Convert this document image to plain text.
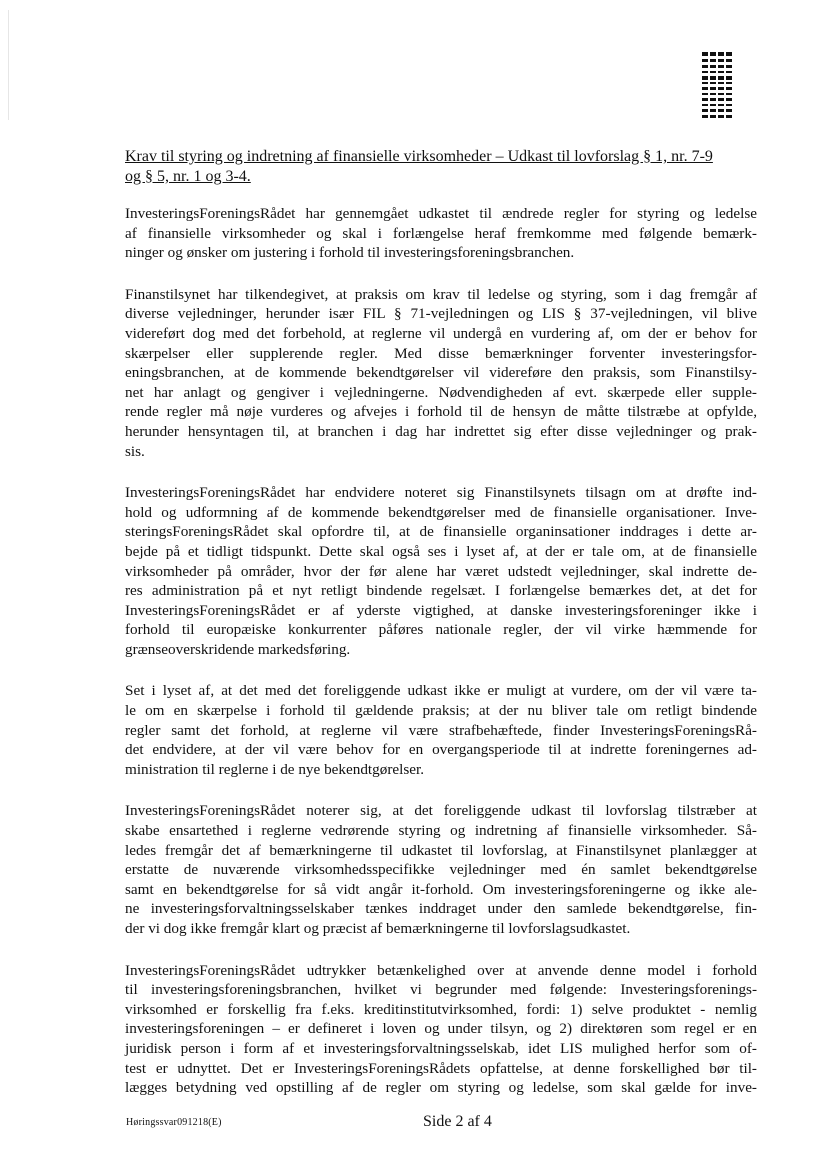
Krav til styring og indretning af finansielle virksomheder – Udkast til lovforslag § 1, nr. 7-9
og § 5, nr. 1 og 3-4.

InvesteringsForeningsRådet har gennemgået udkastet til ændrede regler for styring og ledelse
af finansielle virksomheder og skal i forlængelse heraf fremkomme med følgende bemærk-
ninger og ønsker om justering i forhold til investeringsforeningsbranchen.

Finanstilsynet har tilkendegivet, at praksis om krav til ledelse og styring, som i dag fremgår af
diverse vejledninger, herunder især FIL § 71-vejledningen og LIS § 37-vejledningen, vil blive
videreført dog med det forbehold, at reglerne vil undergå en vurdering af, om der er behov for
skærpelser eller supplerende regler. Med disse bemærkninger forventer investeringsfor-
eningsbranchen, at de kommende bekendtgørelser vil videreføre den praksis, som Finanstilsy-
net har anlagt og gengiver i vejledningerne. Nødvendigheden af evt. skærpede eller supple-
rende regler må nøje vurderes og afvejes i forhold til de hensyn de måtte tilstræbe at opfylde,
herunder hensyntagen til, at branchen i dag har indrettet sig efter disse vejledninger og prak-
sis.

InvesteringsForeningsRådet har endvidere noteret sig Finanstilsynets tilsagn om at drøfte ind-
hold og udformning af de kommende bekendtgørelser med de finansielle organisationer. Inve-
steringsForeningsRådet skal opfordre til, at de finansielle organinsationer inddrages i dette ar-
bejde på et tidligt tidspunkt. Dette skal også ses i lyset af, at der er tale om, at de finansielle
virksomheder på områder, hvor der før alene har været udstedt vejledninger, skal indrette de-
res administration på et nyt retligt bindende regelsæt. I forlængelse bemærkes det, at det for
InvesteringsForeningsRådet er af yderste vigtighed, at danske investeringsforeninger ikke i
forhold til europæiske konkurrenter påføres nationale regler, der vil virke hæmmende for
grænseoverskridende markedsføring.

Set i lyset af, at det med det foreliggende udkast ikke er muligt at vurdere, om der vil være ta-
le om en skærpelse i forhold til gældende praksis; at der nu bliver tale om retligt bindende
regler samt det forhold, at reglerne vil være strafbehæftede, finder InvesteringsForeningsRå-
det endvidere, at der vil være behov for en overgangsperiode til at indrette foreningernes ad-
ministration til reglerne i de nye bekendtgørelser.

InvesteringsForeningsRådet noterer sig, at det foreliggende udkast til lovforslag tilstræber at
skabe ensartethed i reglerne vedrørende styring og indretning af finansielle virksomheder. Så-
ledes fremgår det af bemærkningerne til udkastet til lovforslag, at Finanstilsynet planlægger at
erstatte de nuværende virksomhedsspecifikke vejledninger med én samlet bekendtgørelse
samt en bekendtgørelse for så vidt angår it-forhold. Om investeringsforeningerne og ikke ale-
ne investeringsforvaltningsselskaber tænkes inddraget under den samlede bekendtgørelse, fin-
der vi dog ikke fremgår klart og præcist af bemærkningerne til lovforslagsudkastet.

InvesteringsForeningsRådet udtrykker betænkelighed over at anvende denne model i forhold
til investeringsforeningsbranchen, hvilket vi begrunder med følgende: Investeringsforenings-
virksomhed er forskellig fra f.eks. kreditinstitutvirksomhed, fordi: 1) selve produktet - nemlig
investeringsforeningen – er defineret i loven og under tilsyn, og 2) direktøren som regel er en
juridisk person i form af et investeringsforvaltningsselskab, idet LIS mulighed herfor som of-
test er udnyttet. Det er InvesteringsForeningsRådets opfattelse, at denne forskellighed bør til-
lægges betydning ved opstilling af de regler om styring og ledelse, som skal gælde for inve-

Høringssvar091218(E)	Side 2 af 4
